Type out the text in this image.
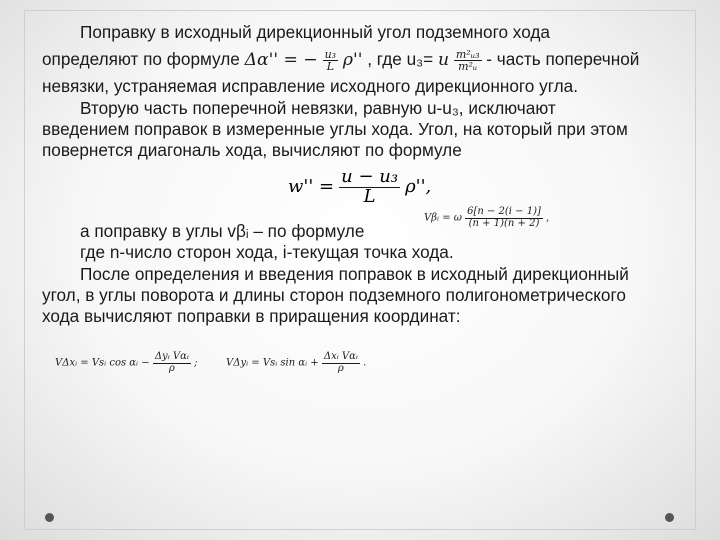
Поправку в исходный дирекционный угол подземного хода

определяют по формуле Δα'' = − $\frac{\text{u₃}}{L} \rho''$ , где u₃= u $\frac{\text{m²ᵤ₃}}{\text{m²ᵤ}}$ - часть поперечной

невязки, устраняемая исправление исходного дирекционного угла.

Вторую часть поперечной невязки, равную u-u₃, исключают

введением поправок в измеренные углы хода. Угол, на который при этом

повернется диагональ хода, вычисляют по формуле

$w'' = \frac{\text{u − u₃}}{L} \rho''$,

а поправку в углы vβᵢ – по формуле

где n-число сторон хода, i-текущая точка хода.

После определения и введения поправок в исходный дирекционный

угол, в углы поворота и длины сторон подземного полигонометрического

хода вычисляют поправки в приращения координат:

Vβᵢ = ω $\frac{6[n - 2(i - 1)]}{(n + 1)(n + 2)}$ ,
VΔxᵢ = Vsᵢ cos αᵢ − $\frac{\text{Δyᵢ Vαᵢ}}{\rho}$ ;	VΔyᵢ = Vsᵢ sin αᵢ + $\frac{\text{Δxᵢ Vαᵢ}}{\rho}$ .
